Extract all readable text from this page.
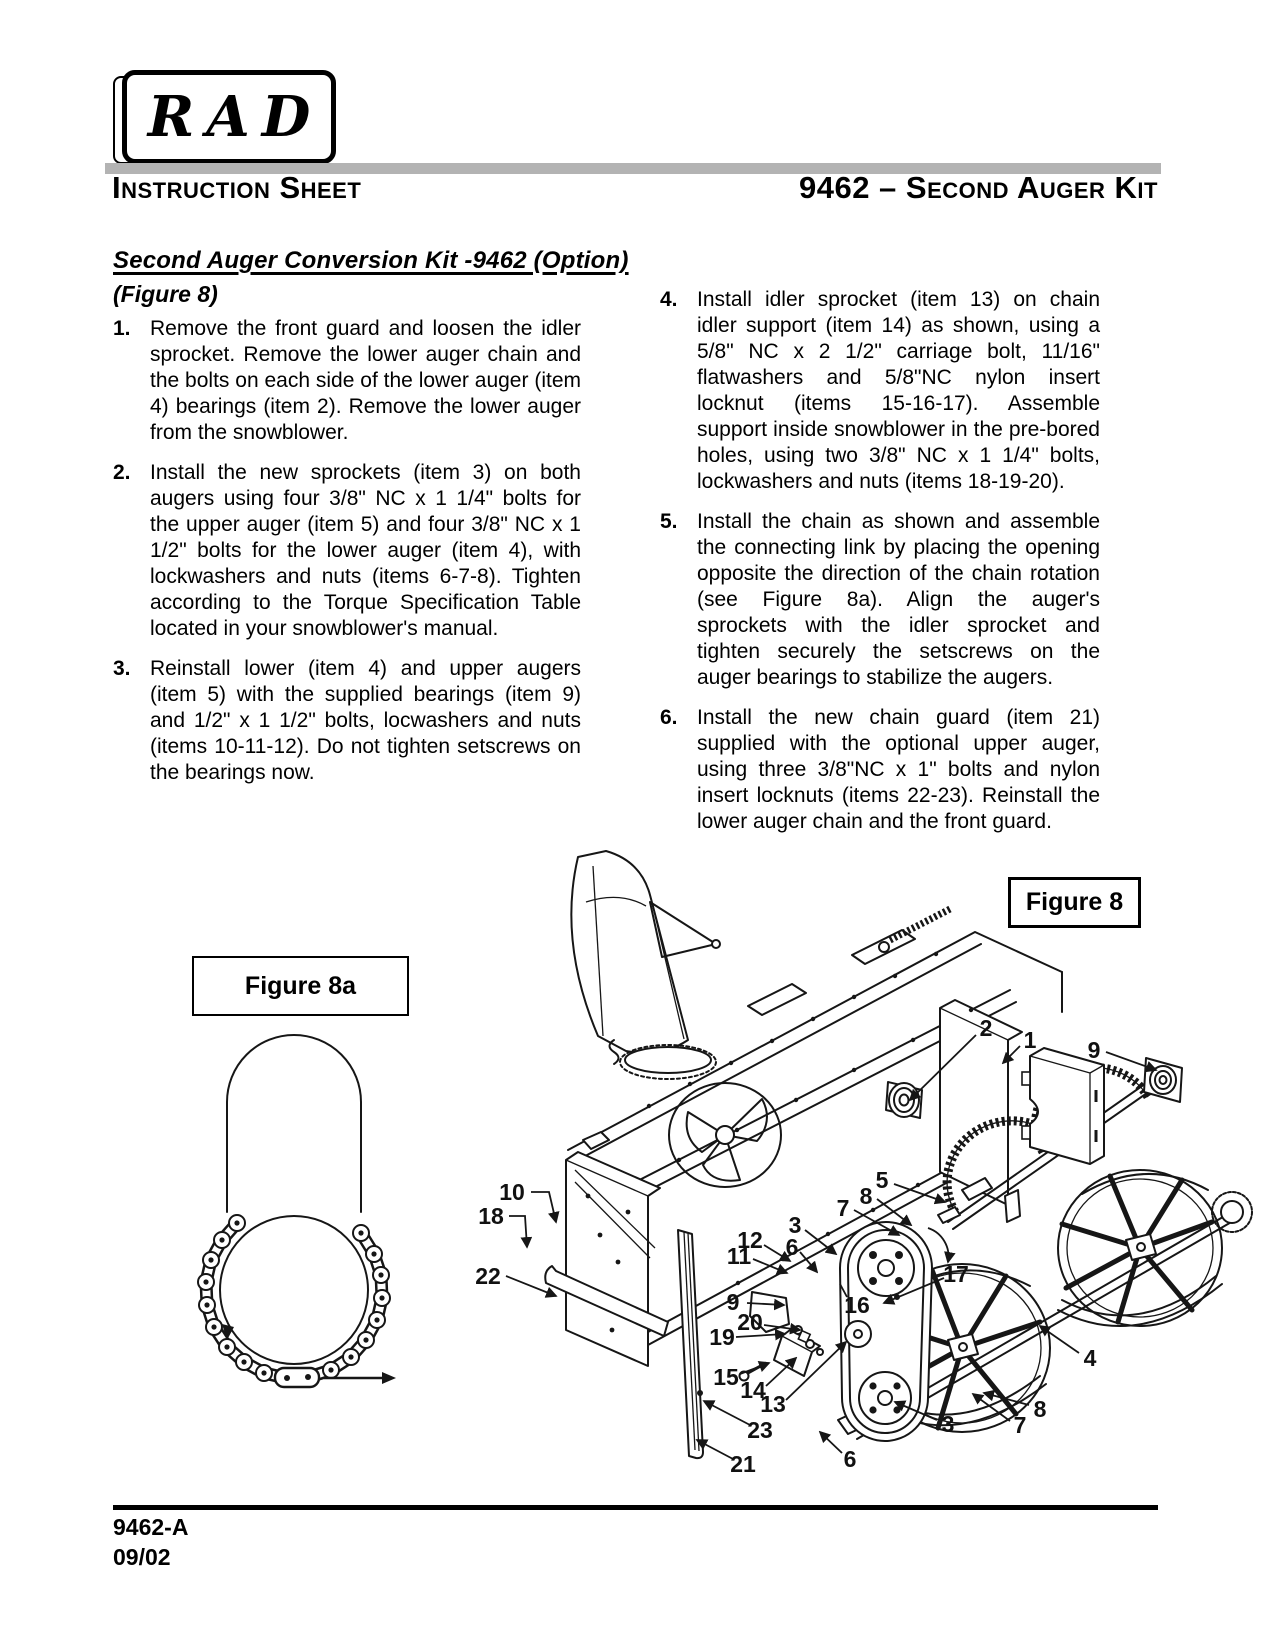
RAD
Instruction Sheet	9462 – Second Auger Kit
Second Auger Conversion Kit -9462 (Option)
(Figure 8)
1. Remove the front guard and loosen the idler sprocket. Remove the lower auger chain and the bolts on each side of the lower auger (item 4) bearings (item 2). Remove the lower auger from the snowblower.

2. Install the new sprockets (item 3) on both augers using four 3/8" NC x 1 1/4" bolts for the upper auger (item 5) and four 3/8" NC x 1 1/2" bolts for the lower auger (item 4), with lockwashers and nuts (items 6-7-8). Tighten according to the Torque Specification Table located in your snowblower's manual.

3. Reinstall lower (item 4) and upper augers (item 5) with the supplied bearings (item 9) and 1/2" x 1 1/2" bolts, locwashers and nuts (items 10-11-12). Do not tighten setscrews on the bearings now.

4. Install idler sprocket (item 13) on chain idler support (item 14) as shown, using a 5/8" NC x 2 1/2" carriage bolt, 11/16" flatwashers and 5/8"NC nylon insert locknut (items 15-16-17). Assemble support inside snowblower in the pre-bored holes, using two 3/8" NC x 1 1/4" bolts, lockwashers and nuts (items 18-19-20).

5. Install the chain as shown and assemble the connecting link by placing the opening opposite the direction of the chain rotation (see Figure 8a). Align the auger's sprockets with the idler sprocket and tighten securely the setscrews on the auger bearings to stabilize the augers.

6. Install the new chain guard (item 21) supplied with the optional upper auger, using three 3/8"NC x 1" bolts and nylon insert locknuts (items 22-23). Reinstall the lower auger chain and the front guard.

Figure 8
Figure 8a
2 1 9
5
8
7
3
6
12
11
9
20
19
15 14
13
17
16
4
8
7
3
6
23
21
10
18
22
9462-A
09/02
